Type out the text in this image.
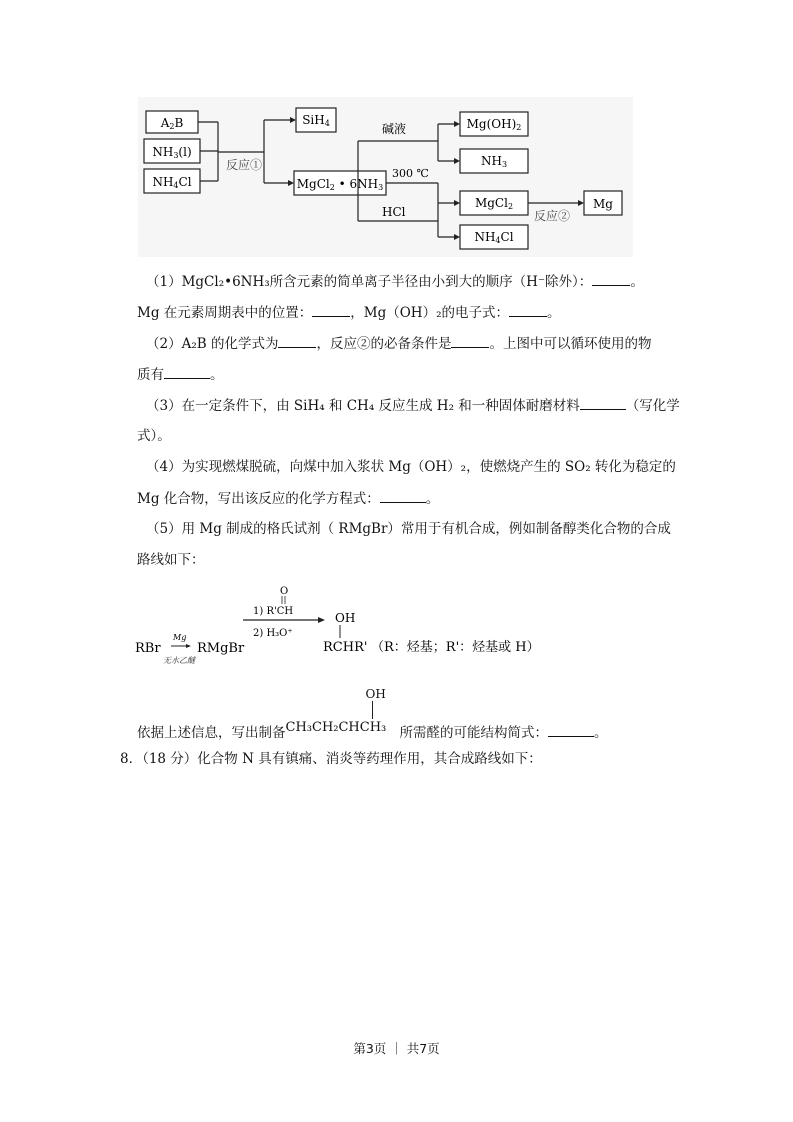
A2B
NH3(l)
NH4Cl
反应①
SiH4
MgCl2 • 6NH3
碱液
300 ℃
HCl
Mg(OH)2
NH3
MgCl2
NH4Cl
反应②
Mg
（1）MgCl₂•6NH₃所含元素的简单离子半径由小到大的顺序（H⁻除外）：	。
Mg 在元素周期表中的位置：	，Mg（OH）₂的电子式：	。
（2）A₂B 的化学式为	，反应②的必备条件是	。上图中可以循环使用的物
质有	。
（3）在一定条件下，由 SiH₄ 和 CH₄ 反应生成 H₂ 和一种固体耐磨材料	（写化学
式）。
（4）为实现燃煤脱硫，向煤中加入浆状 Mg（OH）₂，使燃烧产生的 SO₂ 转化为稳定的
Mg 化合物，写出该反应的化学方程式：	。
（5）用 Mg 制成的格氏试剂（ RMgBr）常用于有机合成，例如制备醇类化合物的合成
路线如下：
RBr
Mg
无水乙醚
RMgBr
O
1) R'CH
2) H₃O⁺
OH
RCHR' （R：烃基；R'：烃基或 H）
依据上述信息，写出制备
OH
CH₃CH₂CHCH₃ 所需醛的可能结构简式：	。
8．（18 分）化合物 N 具有镇痛、消炎等药理作用，其合成路线如下：
第3页 ｜ 共7页
